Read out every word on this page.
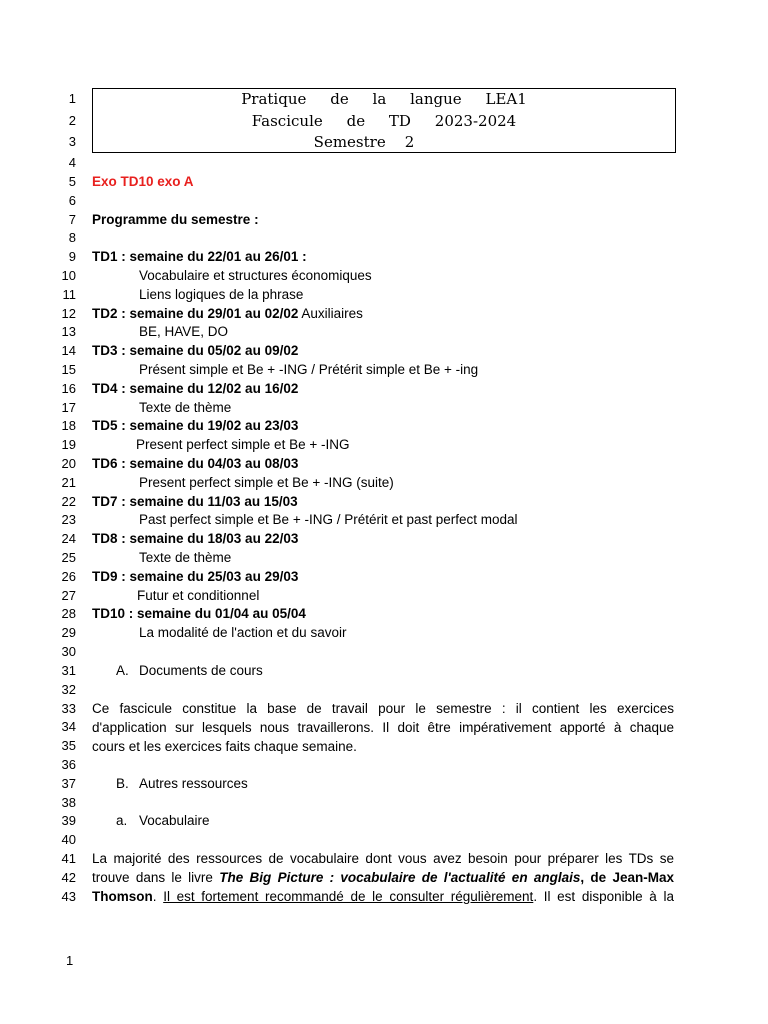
1
2
3
4
5
6
7
8
9
10
11
12
13
14
15
16
17
18
19
20
21
22
23
24
25
26
27
28
29
30
31
32
33
34
35
36
37
38
39
40
41
42
43
Pratique     de     la     langue     LEA1
Fascicule     de     TD     2023-2024
Semestre    2
Exo TD10 exo A
Programme du semestre :
TD1 : semaine du 22/01 au 26/01 :
Vocabulaire et structures économiques
Liens logiques de la phrase
TD2 : semaine du 29/01 au 02/02 Auxiliaires
BE, HAVE, DO
TD3 : semaine du 05/02 au 09/02
Présent simple et Be + -ING / Prétérit simple et Be + -ing
TD4 : semaine du 12/02 au 16/02
Texte de thème
TD5 : semaine du 19/02 au 23/03
Present perfect simple et Be + -ING
TD6 : semaine du 04/03 au 08/03
Present perfect simple et Be + -ING (suite)
TD7 : semaine du 11/03 au 15/03
Past perfect simple et Be + -ING / Prétérit et past perfect modal
TD8 : semaine du 18/03 au 22/03
Texte de thème
TD9 : semaine du 25/03 au 29/03
Futur et conditionnel
TD10 : semaine du 01/04 au 05/04
La modalité de l'action et du savoir
A. Documents de cours
Ce fascicule constitue la base de travail pour le semestre : il contient les exercices
d'application sur lesquels nous travaillerons. Il doit être impérativement apporté à chaque
cours et les exercices faits chaque semaine.
B. Autres ressources
a. Vocabulaire
La majorité des ressources de vocabulaire dont vous avez besoin pour préparer les TDs se
trouve dans le livre The Big Picture : vocabulaire de l'actualité en anglais, de Jean-Max
Thomson. Il est fortement recommandé de le consulter régulièrement. Il est disponible à la
1
